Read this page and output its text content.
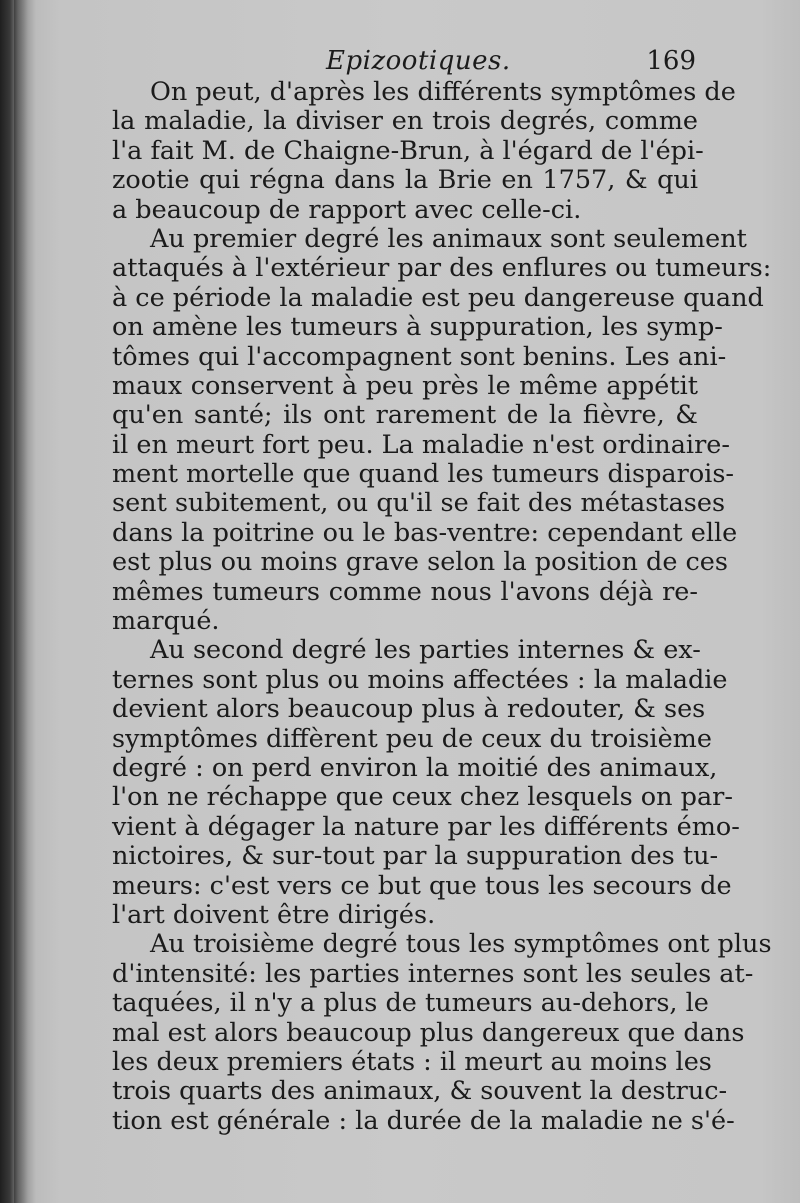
Epizootiques.	169
On peut, d'après les différents symptômes de
la maladie, la diviser en trois degrés, comme
l'a fait M. de Chaigne-Brun, à l'égard de l'épi-
zootie qui régna dans la Brie en 1757, & qui
a beaucoup de rapport avec celle-ci.
Au premier degré les animaux sont seulement
attaqués à l'extérieur par des enflures ou tumeurs:
à ce période la maladie est peu dangereuse quand
on amène les tumeurs à suppuration, les symp-
tômes qui l'accompagnent sont benins. Les ani-
maux conservent à peu près le même appétit
qu'en santé; ils ont rarement de la fièvre, &
il en meurt fort peu. La maladie n'est ordinaire-
ment mortelle que quand les tumeurs disparois-
sent subitement, ou qu'il se fait des métastases
dans la poitrine ou le bas-ventre: cependant elle
est plus ou moins grave selon la position de ces
mêmes tumeurs comme nous l'avons déjà re-
marqué.
Au second degré les parties internes & ex-
ternes sont plus ou moins affectées : la maladie
devient alors beaucoup plus à redouter, & ses
symptômes diffèrent peu de ceux du troisième
degré : on perd environ la moitié des animaux,
l'on ne réchappe que ceux chez lesquels on par-
vient à dégager la nature par les différents émo-
nictoires, & sur-tout par la suppuration des tu-
meurs: c'est vers ce but que tous les secours de
l'art doivent être dirigés.
Au troisième degré tous les symptômes ont plus
d'intensité: les parties internes sont les seules at-
taquées, il n'y a plus de tumeurs au-dehors, le
mal est alors beaucoup plus dangereux que dans
les deux premiers états : il meurt au moins les
trois quarts des animaux, & souvent la destruc-
tion est générale : la durée de la maladie ne s'é-
